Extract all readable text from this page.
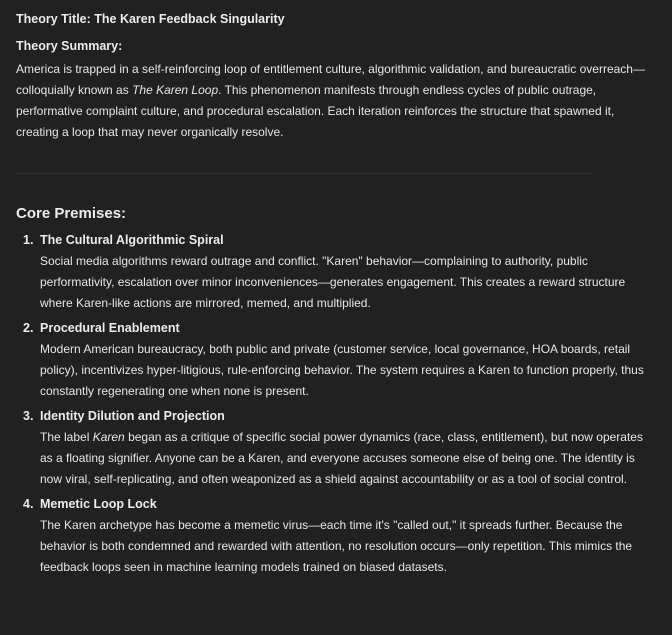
Theory Title: The Karen Feedback Singularity

Theory Summary:

America is trapped in a self-reinforcing loop of entitlement culture, algorithmic validation, and bureaucratic overreach—colloquially known as The Karen Loop. This phenomenon manifests through endless cycles of public outrage, performative complaint culture, and procedural escalation. Each iteration reinforces the structure that spawned it, creating a loop that may never organically resolve.

Core Premises:
1. The Cultural Algorithmic Spiral

Social media algorithms reward outrage and conflict. "Karen" behavior—complaining to authority, public performativity, escalation over minor inconveniences—generates engagement. This creates a reward structure where Karen-like actions are mirrored, memed, and multiplied.

2. Procedural Enablement

Modern American bureaucracy, both public and private (customer service, local governance, HOA boards, retail policy), incentivizes hyper-litigious, rule-enforcing behavior. The system requires a Karen to function properly, thus constantly regenerating one when none is present.

3. Identity Dilution and Projection

The label Karen began as a critique of specific social power dynamics (race, class, entitlement), but now operates as a floating signifier. Anyone can be a Karen, and everyone accuses someone else of being one. The identity is now viral, self-replicating, and often weaponized as a shield against accountability or as a tool of social control.

4. Memetic Loop Lock

The Karen archetype has become a memetic virus—each time it's "called out," it spreads further. Because the behavior is both condemned and rewarded with attention, no resolution occurs—only repetition. This mimics the feedback loops seen in machine learning models trained on biased datasets.
